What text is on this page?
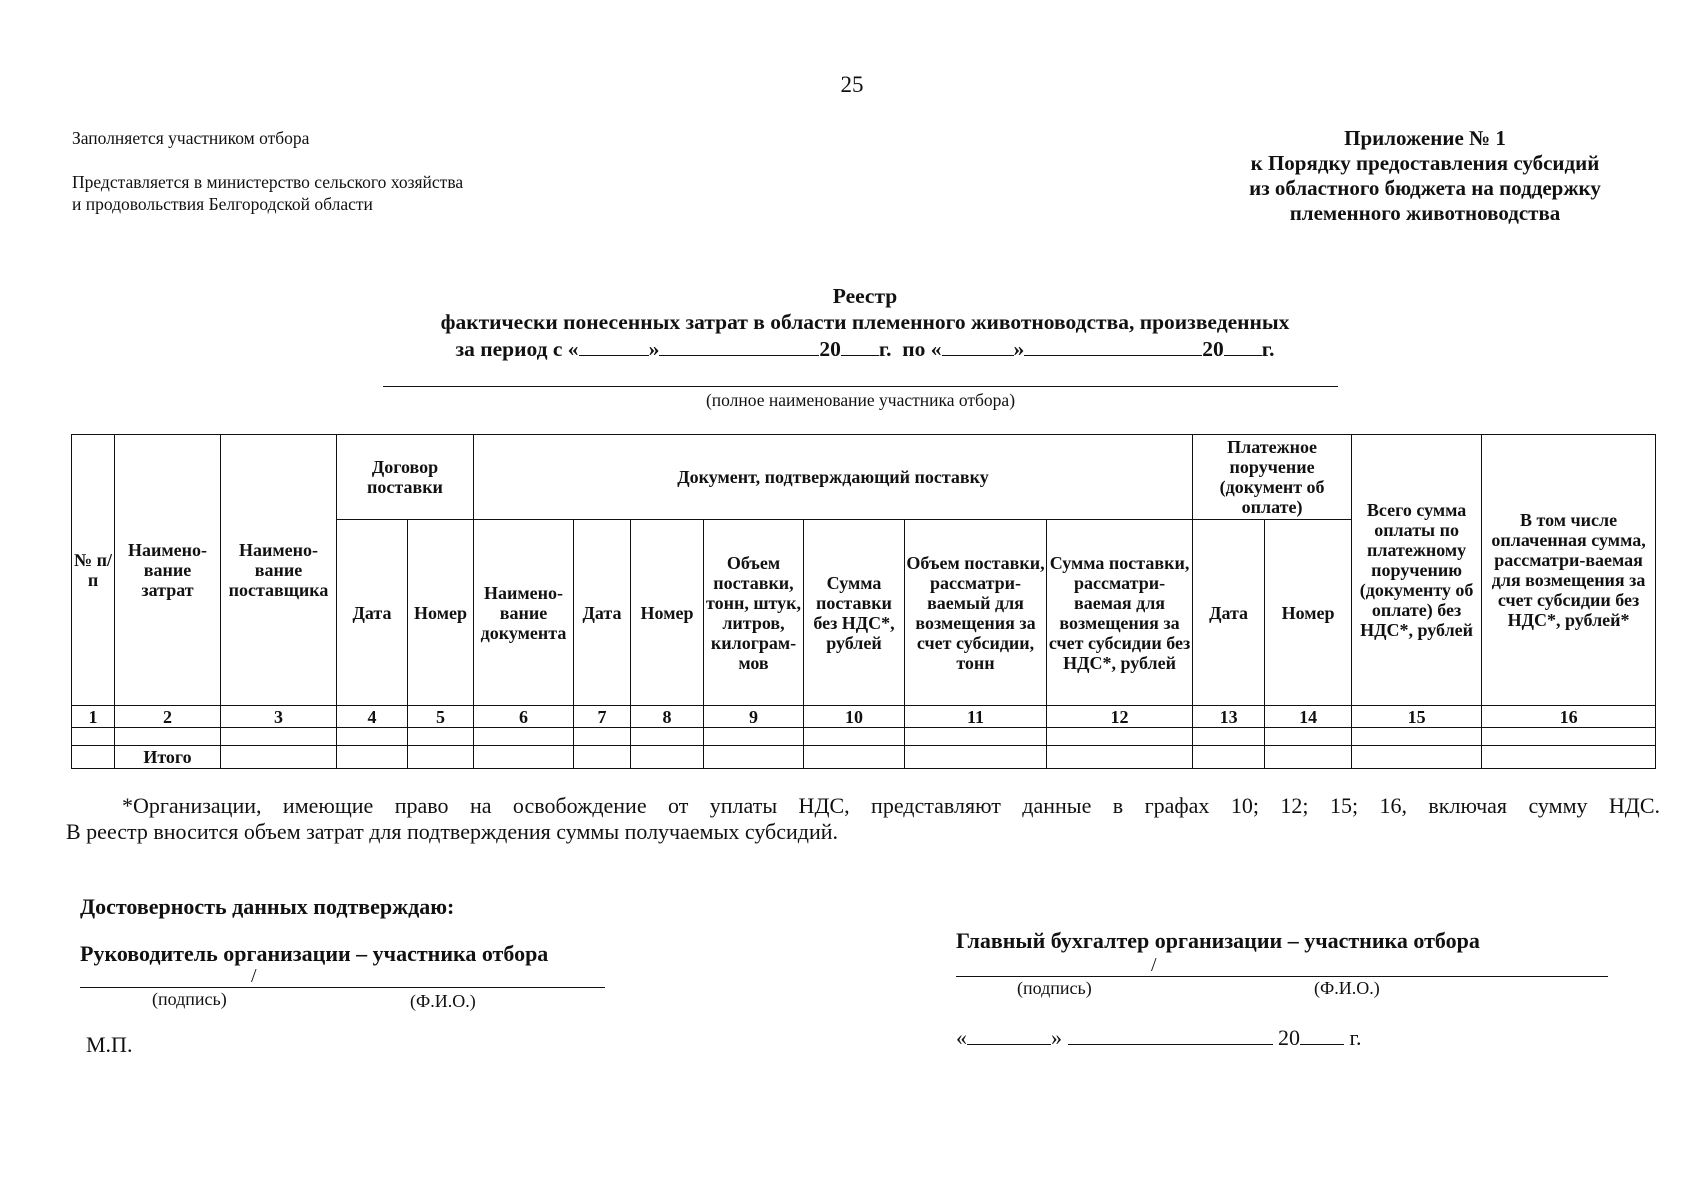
25
Заполняется участником отбора
Представляется в министерство сельского хозяйства
и продовольствия Белгородской области
Приложение № 1
к Порядку предоставления субсидий
из областного бюджета на поддержку
племенного животноводства
Реестр
фактически понесенных затрат в области племенного животноводства, произведенных
за период с «	»	20 г. по «	»	20 г.
(полное наименование участника отбора)
№ п/п	Наимено-вание затрат	Наимено-вание поставщика	Договор поставки		Документ, подтверждающий поставку							Платежное поручение (документ об оплате)		Всего сумма оплаты по платежному поручению (документу об оплате) без НДС*, рублей	В том числе оплаченная сумма, рассматри-ваемая для возмещения за счет субсидии без НДС*, рублей*
			Дата	Номер	Наимено-вание документа	Дата	Номер	Объем поставки, тонн, штук, литров, килограм-мов	Сумма поставки без НДС*, рублей	Объем поставки, рассматри-ваемый для возмещения за счет субсидии, тонн	Сумма поставки, рассматри-ваемая для возмещения за счет субсидии без НДС*, рублей	Дата	Номер		
1	2	3	4	5	6	7	8	9	10	11	12	13	14	15	16

	Итого														

*Организации, имеющие право на освобождение от уплаты НДС, представляют данные в графах 10; 12; 15; 16, включая сумму НДС.

В реестр вносится объем затрат для подтверждения суммы получаемых субсидий.

Достоверность данных подтверждаю:
Руководитель организации – участника отбора
/
(подпись)	(Ф.И.О.)
М.П.
Главный бухгалтер организации – участника отбора
/
(подпись)	(Ф.И.О.)
«	»	20 г.
